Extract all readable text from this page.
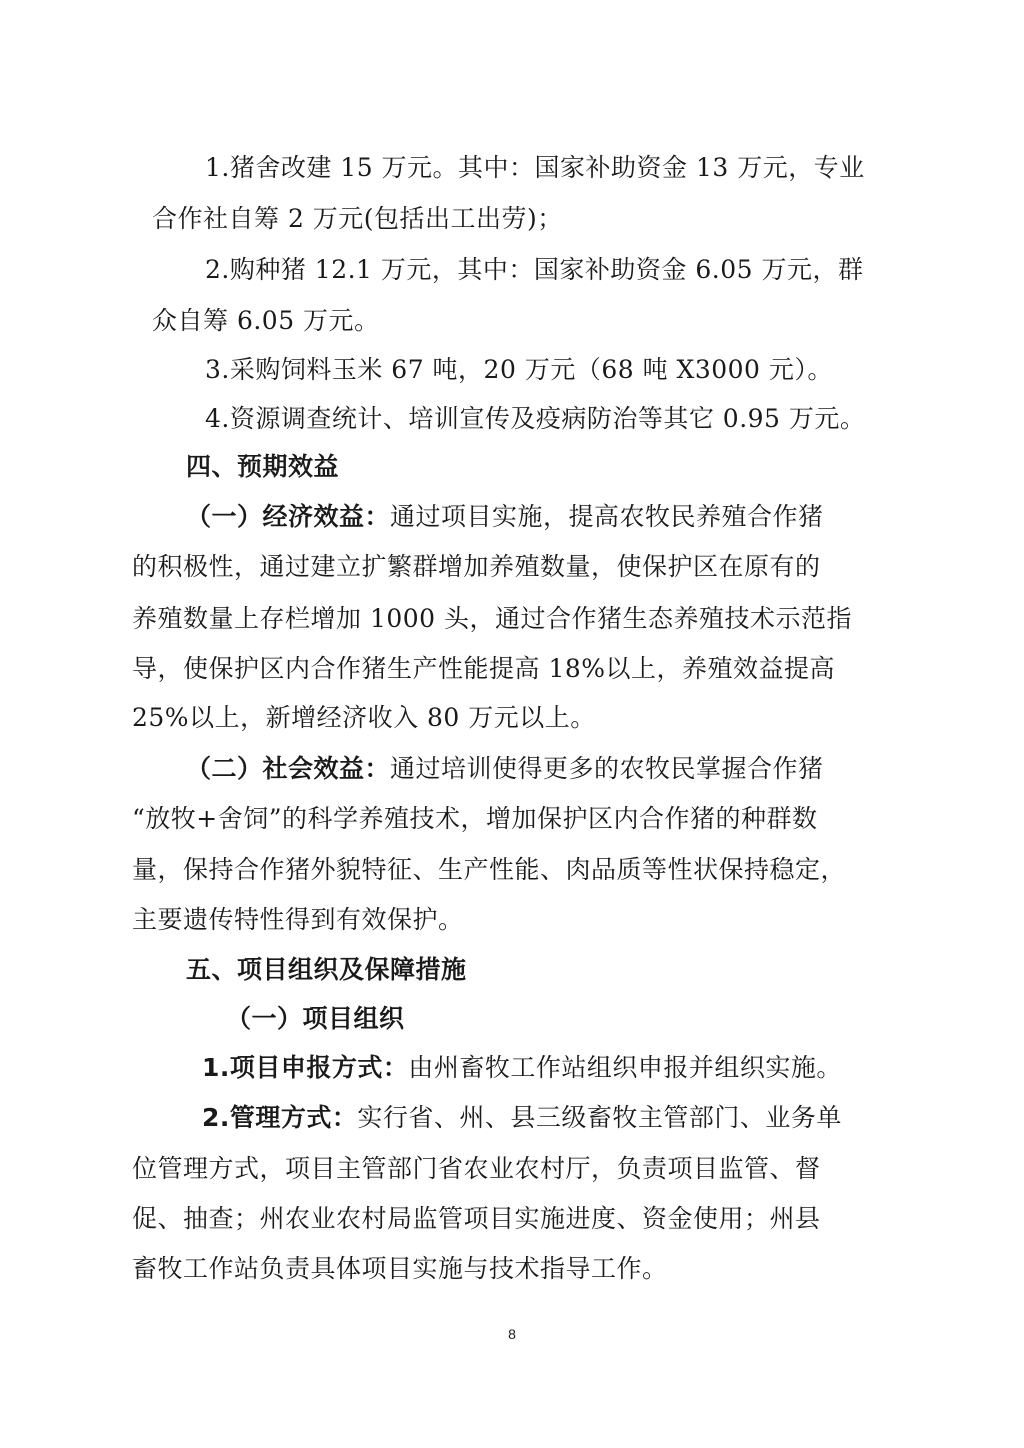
1.猪舍改建 15 万元。其中：国家补助资金 13 万元，专业
合作社自筹 2 万元(包括出工出劳)；
2.购种猪 12.1 万元，其中：国家补助资金 6.05 万元，群
众自筹 6.05 万元。
3.采购饲料玉米 67 吨，20 万元（68 吨 X3000 元）。
4.资源调查统计、培训宣传及疫病防治等其它 0.95 万元。
四、预期效益
（一）经济效益：通过项目实施，提高农牧民养殖合作猪
的积极性，通过建立扩繁群增加养殖数量，使保护区在原有的
养殖数量上存栏增加 1000 头，通过合作猪生态养殖技术示范指
导，使保护区内合作猪生产性能提高 18%以上，养殖效益提高
25%以上，新增经济收入 80 万元以上。
（二）社会效益：通过培训使得更多的农牧民掌握合作猪
“放牧+舍饲”的科学养殖技术，增加保护区内合作猪的种群数
量，保持合作猪外貌特征、生产性能、肉品质等性状保持稳定，
主要遗传特性得到有效保护。
五、项目组织及保障措施
（一）项目组织
1.项目申报方式：由州畜牧工作站组织申报并组织实施。
2.管理方式：实行省、州、县三级畜牧主管部门、业务单
位管理方式，项目主管部门省农业农村厅，负责项目监管、督
促、抽查；州农业农村局监管项目实施进度、资金使用；州县
畜牧工作站负责具体项目实施与技术指导工作。
8
